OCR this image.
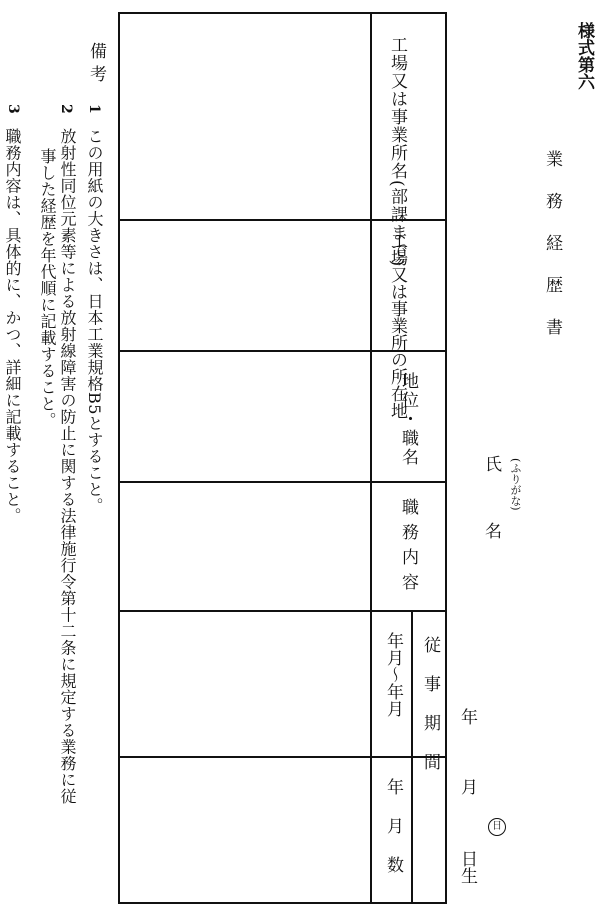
様式第六
業務経歴書
(ふりがな)
氏名
年
月
日
日生
工場又は事業所名(部課まで)
工場又は事業所の所在地
地位・職名
職務内容
従事期間
年月〜年月
年月数
備考
1
この用紙の大きさは、日本工業規格B5とすること。
2
放射性同位元素等による放射線障害の防止に関する法律施行令第十二条に規定する業務に従
事した経歴を年代順に記載すること。
3
職務内容は、具体的に、かつ、詳細に記載すること。
